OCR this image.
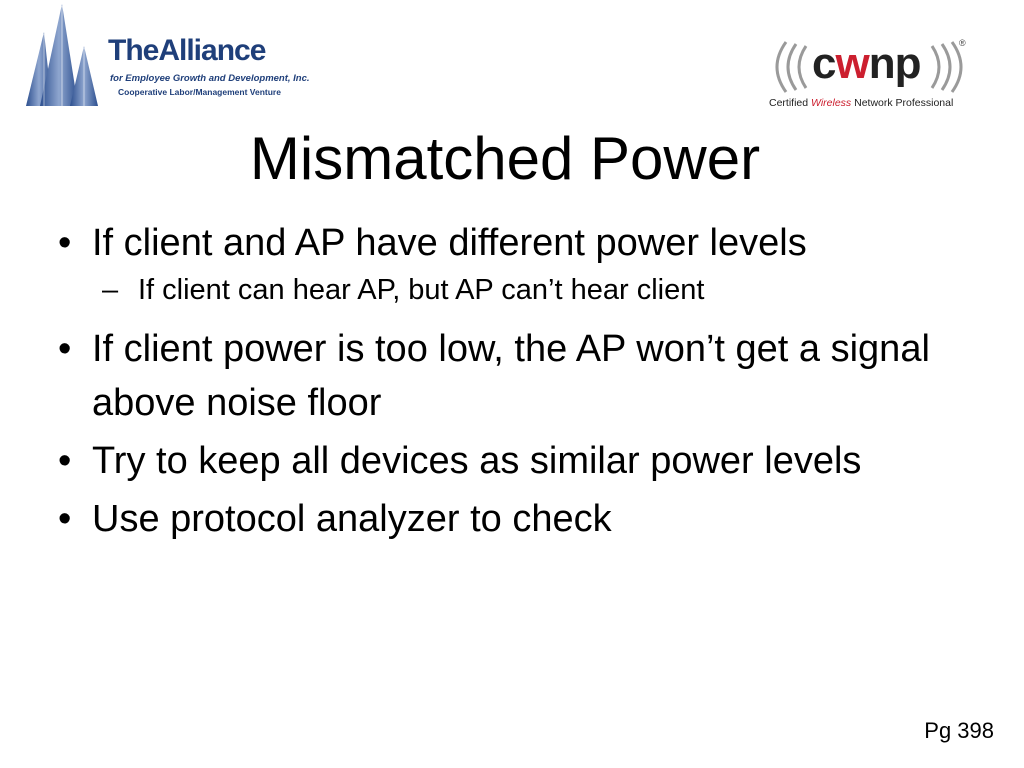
TheAlliance
for Employee Growth and Development, Inc.
Cooperative Labor/Management Venture
cwnp	®
Certified Wireless Network Professional
Mismatched Power
• If client and AP have different power levels
– If client can hear AP, but AP can’t hear client
• If client power is too low, the AP won’t get a signal above noise floor
• Try to keep all devices as similar power levels
• Use protocol analyzer to check
Pg 398
